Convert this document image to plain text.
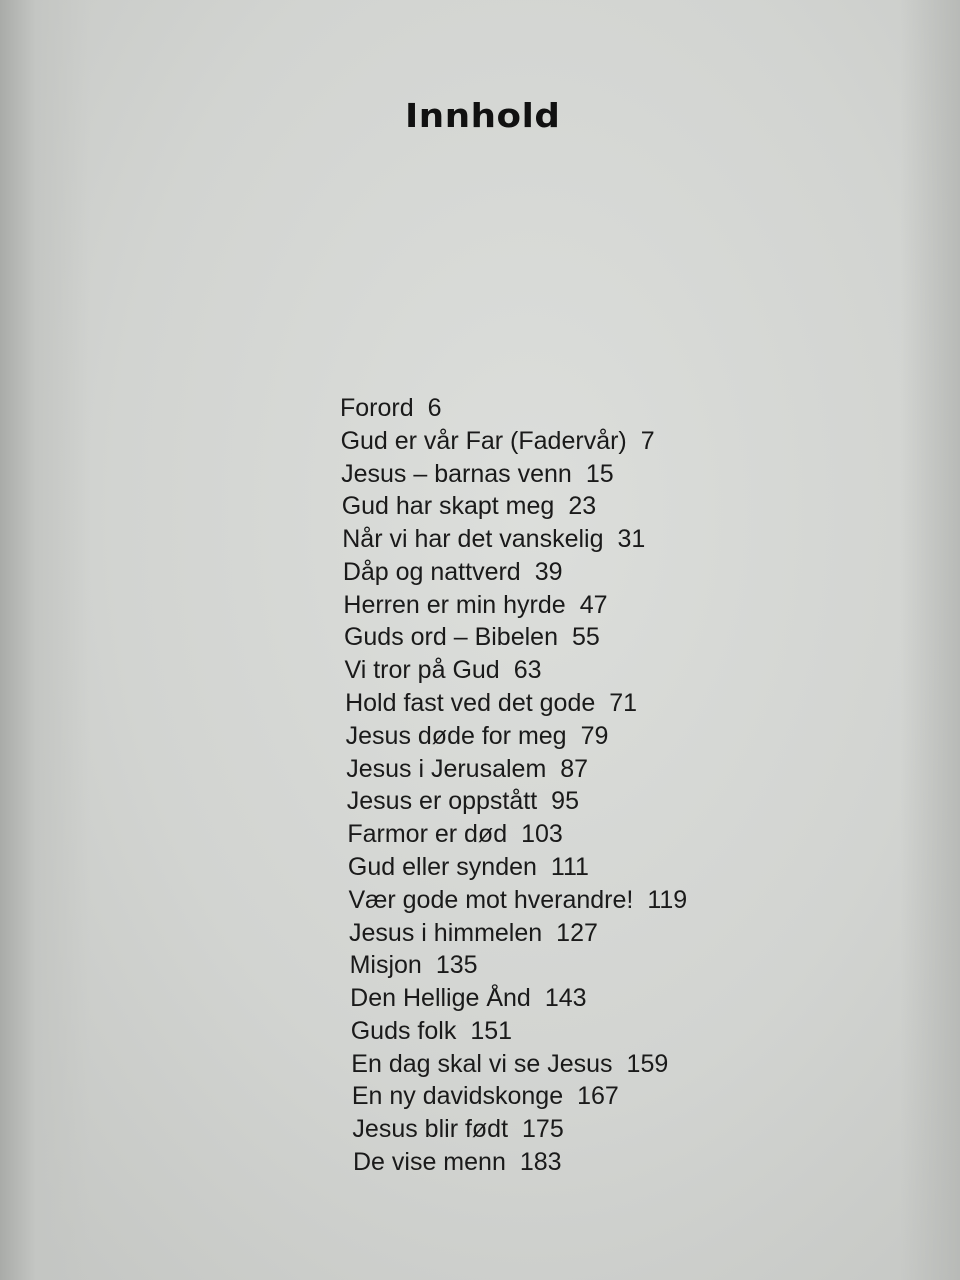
Innhold
Forord 6
Gud er vår Far (Fadervår) 7
Jesus – barnas venn 15
Gud har skapt meg 23
Når vi har det vanskelig 31
Dåp og nattverd 39
Herren er min hyrde 47
Guds ord – Bibelen 55
Vi tror på Gud 63
Hold fast ved det gode 71
Jesus døde for meg 79
Jesus i Jerusalem 87
Jesus er oppstått 95
Farmor er død 103
Gud eller synden 111
Vær gode mot hverandre! 119
Jesus i himmelen 127
Misjon 135
Den Hellige Ånd 143
Guds folk 151
En dag skal vi se Jesus 159
En ny davidskonge 167
Jesus blir født 175
De vise menn 183
